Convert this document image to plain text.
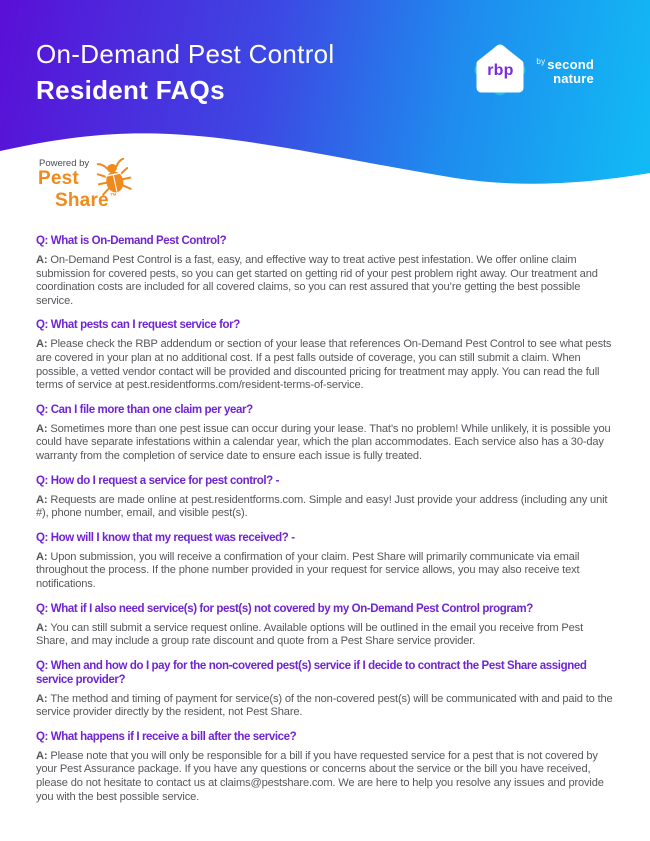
On-Demand Pest Control
Resident FAQs
rbp
$^{by}$ second
nature
Powered by
Pest
Share™
Q: What is On-Demand Pest Control?

A: On-Demand Pest Control is a fast, easy, and effective way to treat active pest infestation. We offer online claim submission for covered pests, so you can get started on getting rid of your pest problem right away. Our treatment and coordination costs are included for all covered claims, so you can rest assured that you’re getting the best possible service.

Q: What pests can I request service for?

A: Please check the RBP addendum or section of your lease that references On-Demand Pest Control to see what pests are covered in your plan at no additional cost. If a pest falls outside of coverage, you can still submit a claim. When possible, a vetted vendor contact will be provided and discounted pricing for treatment may apply. You can read the full terms of service at pest.residentforms.com/resident-terms-of-service.

Q: Can I file more than one claim per year?

A: Sometimes more than one pest issue can occur during your lease. That’s no problem! While unlikely, it is possible you could have separate infestations within a calendar year, which the plan accommodates. Each service also has a 30-day warranty from the completion of service date to ensure each issue is fully treated.

Q: How do I request a service for pest control? -

A: Requests are made online at pest.residentforms.com. Simple and easy! Just provide your address (including any unit #), phone number, email, and visible pest(s).

Q: How will I know that my request was received? -

A: Upon submission, you will receive a confirmation of your claim. Pest Share will primarily communicate via email throughout the process. If the phone number provided in your request for service allows, you may also receive text notifications.

Q: What if I also need service(s) for pest(s) not covered by my On-Demand Pest Control program?

A: You can still submit a service request online. Available options will be outlined in the email you receive from Pest Share, and may include a group rate discount and quote from a Pest Share service provider.

Q: When and how do I pay for the non-covered pest(s) service if I decide to contract the Pest Share assigned service provider?

A: The method and timing of payment for service(s) of the non-covered pest(s) will be communicated with and paid to the service provider directly by the resident, not Pest Share.

Q: What happens if I receive a bill after the service?

A: Please note that you will only be responsible for a bill if you have requested service for a pest that is not covered by your Pest Assurance package. If you have any questions or concerns about the service or the bill you have received, please do not hesitate to contact us at claims@pestshare.com. We are here to help you resolve any issues and provide you with the best possible service.
